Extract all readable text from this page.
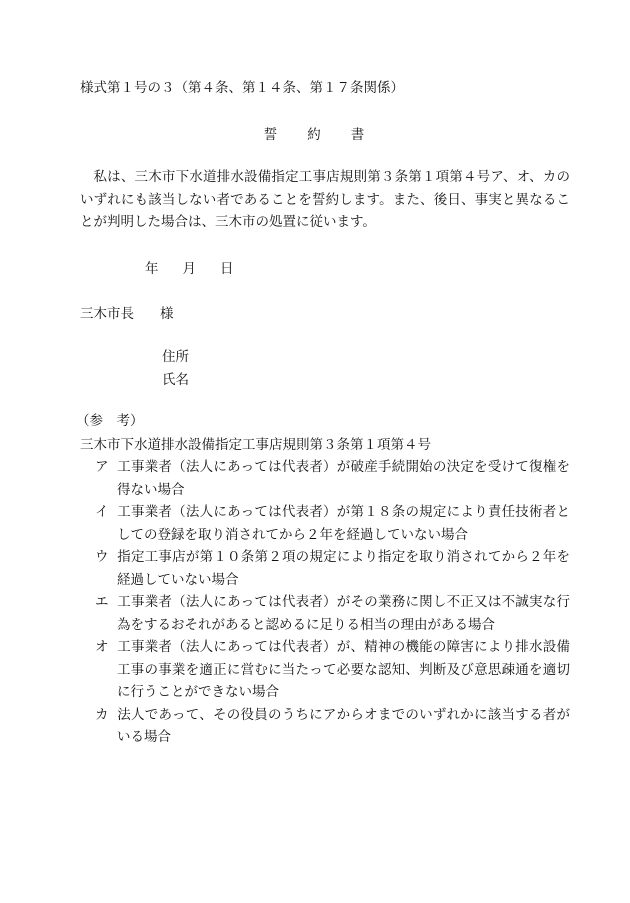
様式第１号の３（第４条、第１４条、第１７条関係）
誓 約 書
私は、三木市下水道排水設備指定工事店規則第３条第１項第４号ア、オ、カのいずれにも該当しない者であることを誓約します。また、後日、事実と異なることが判明した場合は、三木市の処置に従います。
年 月 日
三木市長 様
住所
氏名
（参　考）
三木市下水道排水設備指定工事店規則第３条第１項第４号
ア 工事業者（法人にあっては代表者）が破産手続開始の決定を受けて復権を得ない場合
イ 工事業者（法人にあっては代表者）が第１８条の規定により責任技術者としての登録を取り消されてから２年を経過していない場合
ウ 指定工事店が第１０条第２項の規定により指定を取り消されてから２年を経過していない場合
エ 工事業者（法人にあっては代表者）がその業務に関し不正又は不誠実な行為をするおそれがあると認めるに足りる相当の理由がある場合
オ 工事業者（法人にあっては代表者）が、精神の機能の障害により排水設備工事の事業を適正に営むに当たって必要な認知、判断及び意思疎通を適切に行うことができない場合
カ 法人であって、その役員のうちにアからオまでのいずれかに該当する者がいる場合
